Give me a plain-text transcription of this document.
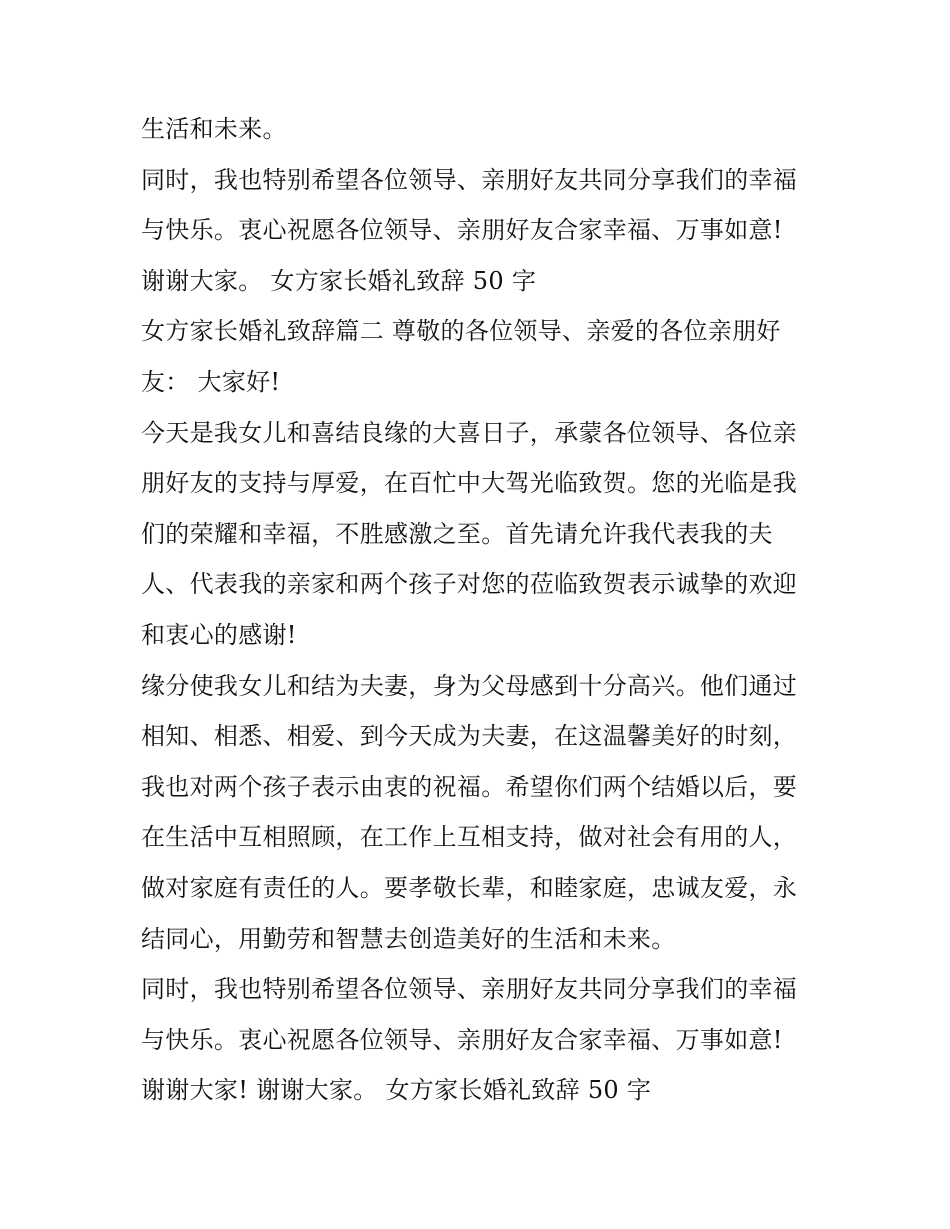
生活和未来。
同时，我也特别希望各位领导、亲朋好友共同分享我们的幸福
与快乐。衷心祝愿各位领导、亲朋好友合家幸福、万事如意!
谢谢大家。 女方家长婚礼致辞 50 字
女方家长婚礼致辞篇二 尊敬的各位领导、亲爱的各位亲朋好
友： 大家好!
今天是我女儿和喜结良缘的大喜日子，承蒙各位领导、各位亲
朋好友的支持与厚爱，在百忙中大驾光临致贺。您的光临是我
们的荣耀和幸福，不胜感激之至。首先请允许我代表我的夫
人、代表我的亲家和两个孩子对您的莅临致贺表示诚挚的欢迎
和衷心的感谢!
缘分使我女儿和结为夫妻，身为父母感到十分高兴。他们通过
相知、相悉、相爱、到今天成为夫妻，在这温馨美好的时刻，
我也对两个孩子表示由衷的祝福。希望你们两个结婚以后，要
在生活中互相照顾，在工作上互相支持，做对社会有用的人，
做对家庭有责任的人。要孝敬长辈，和睦家庭，忠诚友爱，永
结同心，用勤劳和智慧去创造美好的生活和未来。
同时，我也特别希望各位领导、亲朋好友共同分享我们的幸福
与快乐。衷心祝愿各位领导、亲朋好友合家幸福、万事如意!
谢谢大家! 谢谢大家。 女方家长婚礼致辞 50 字
